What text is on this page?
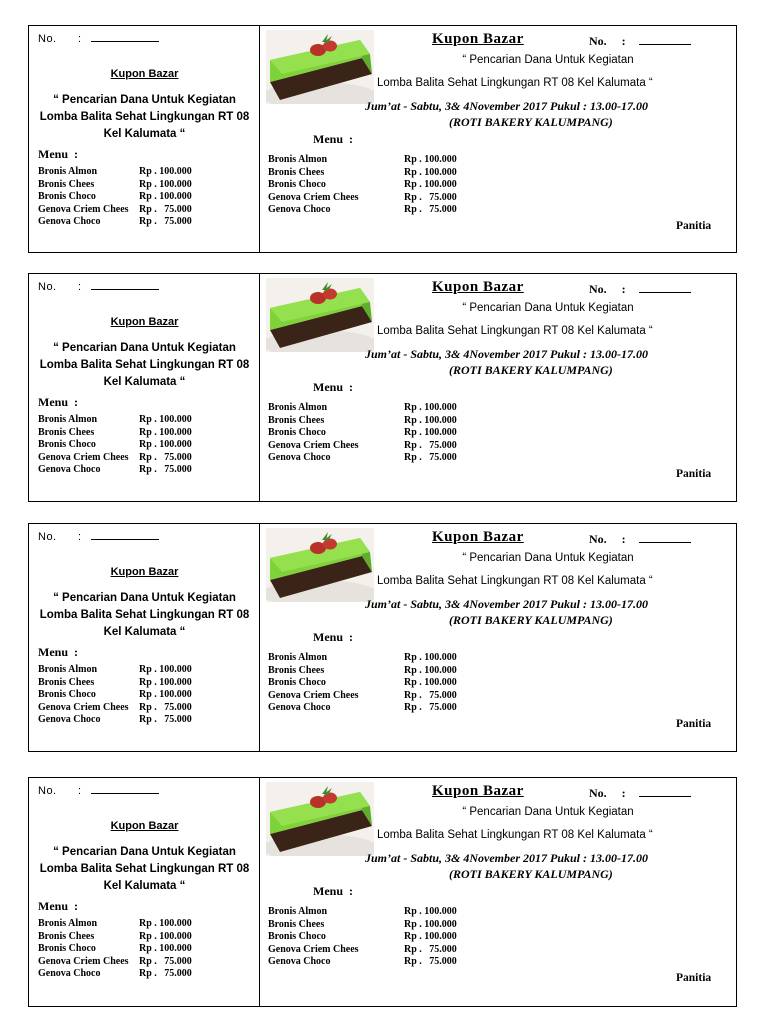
No. :
Kupon Bazar
“ Pencarian Dana Untuk Kegiatan Lomba Balita Sehat Lingkungan RT 08 Kel Kalumata “
Menu  :
Bronis Almon	Rp . 100.000
Bronis Chees	Rp . 100.000
Bronis Choco	Rp . 100.000
Genova Criem Chees Rp .   75.000
Genova Choco	Rp .   75.000
Kupon Bazar	No. :
“ Pencarian Dana Untuk Kegiatan
Lomba Balita Sehat Lingkungan RT 08 Kel Kalumata “
Jum’at - Sabtu, 3& 4November 2017 Pukul : 13.00-17.00
(ROTI BAKERY KALUMPANG)
Menu  :
Bronis Almon	Rp . 100.000
Bronis Chees	Rp . 100.000
Bronis Choco	Rp . 100.000
Genova Criem Chees	Rp .   75.000
Genova Choco	Rp .   75.000
Panitia
No. :
Kupon Bazar
“ Pencarian Dana Untuk Kegiatan Lomba Balita Sehat Lingkungan RT 08 Kel Kalumata “
Menu  :
Bronis Almon	Rp . 100.000
Bronis Chees	Rp . 100.000
Bronis Choco	Rp . 100.000
Genova Criem Chees Rp .   75.000
Genova Choco	Rp .   75.000
Kupon Bazar	No. :
“ Pencarian Dana Untuk Kegiatan
Lomba Balita Sehat Lingkungan RT 08 Kel Kalumata “
Jum’at - Sabtu, 3& 4November 2017 Pukul : 13.00-17.00
(ROTI BAKERY KALUMPANG)
Menu  :
Bronis Almon	Rp . 100.000
Bronis Chees	Rp . 100.000
Bronis Choco	Rp . 100.000
Genova Criem Chees	Rp .   75.000
Genova Choco	Rp .   75.000
Panitia
No. :
Kupon Bazar
“ Pencarian Dana Untuk Kegiatan Lomba Balita Sehat Lingkungan RT 08 Kel Kalumata “
Menu  :
Bronis Almon	Rp . 100.000
Bronis Chees	Rp . 100.000
Bronis Choco	Rp . 100.000
Genova Criem Chees Rp .   75.000
Genova Choco	Rp .   75.000
Kupon Bazar	No. :
“ Pencarian Dana Untuk Kegiatan
Lomba Balita Sehat Lingkungan RT 08 Kel Kalumata “
Jum’at - Sabtu, 3& 4November 2017 Pukul : 13.00-17.00
(ROTI BAKERY KALUMPANG)
Menu  :
Bronis Almon	Rp . 100.000
Bronis Chees	Rp . 100.000
Bronis Choco	Rp . 100.000
Genova Criem Chees	Rp .   75.000
Genova Choco	Rp .   75.000
Panitia
No. :
Kupon Bazar
“ Pencarian Dana Untuk Kegiatan Lomba Balita Sehat Lingkungan RT 08 Kel Kalumata “
Menu  :
Bronis Almon	Rp . 100.000
Bronis Chees	Rp . 100.000
Bronis Choco	Rp . 100.000
Genova Criem Chees Rp .   75.000
Genova Choco	Rp .   75.000
Kupon Bazar	No. :
“ Pencarian Dana Untuk Kegiatan
Lomba Balita Sehat Lingkungan RT 08 Kel Kalumata “
Jum’at - Sabtu, 3& 4November 2017 Pukul : 13.00-17.00
(ROTI BAKERY KALUMPANG)
Menu  :
Bronis Almon	Rp . 100.000
Bronis Chees	Rp . 100.000
Bronis Choco	Rp . 100.000
Genova Criem Chees	Rp .   75.000
Genova Choco	Rp .   75.000
Panitia
